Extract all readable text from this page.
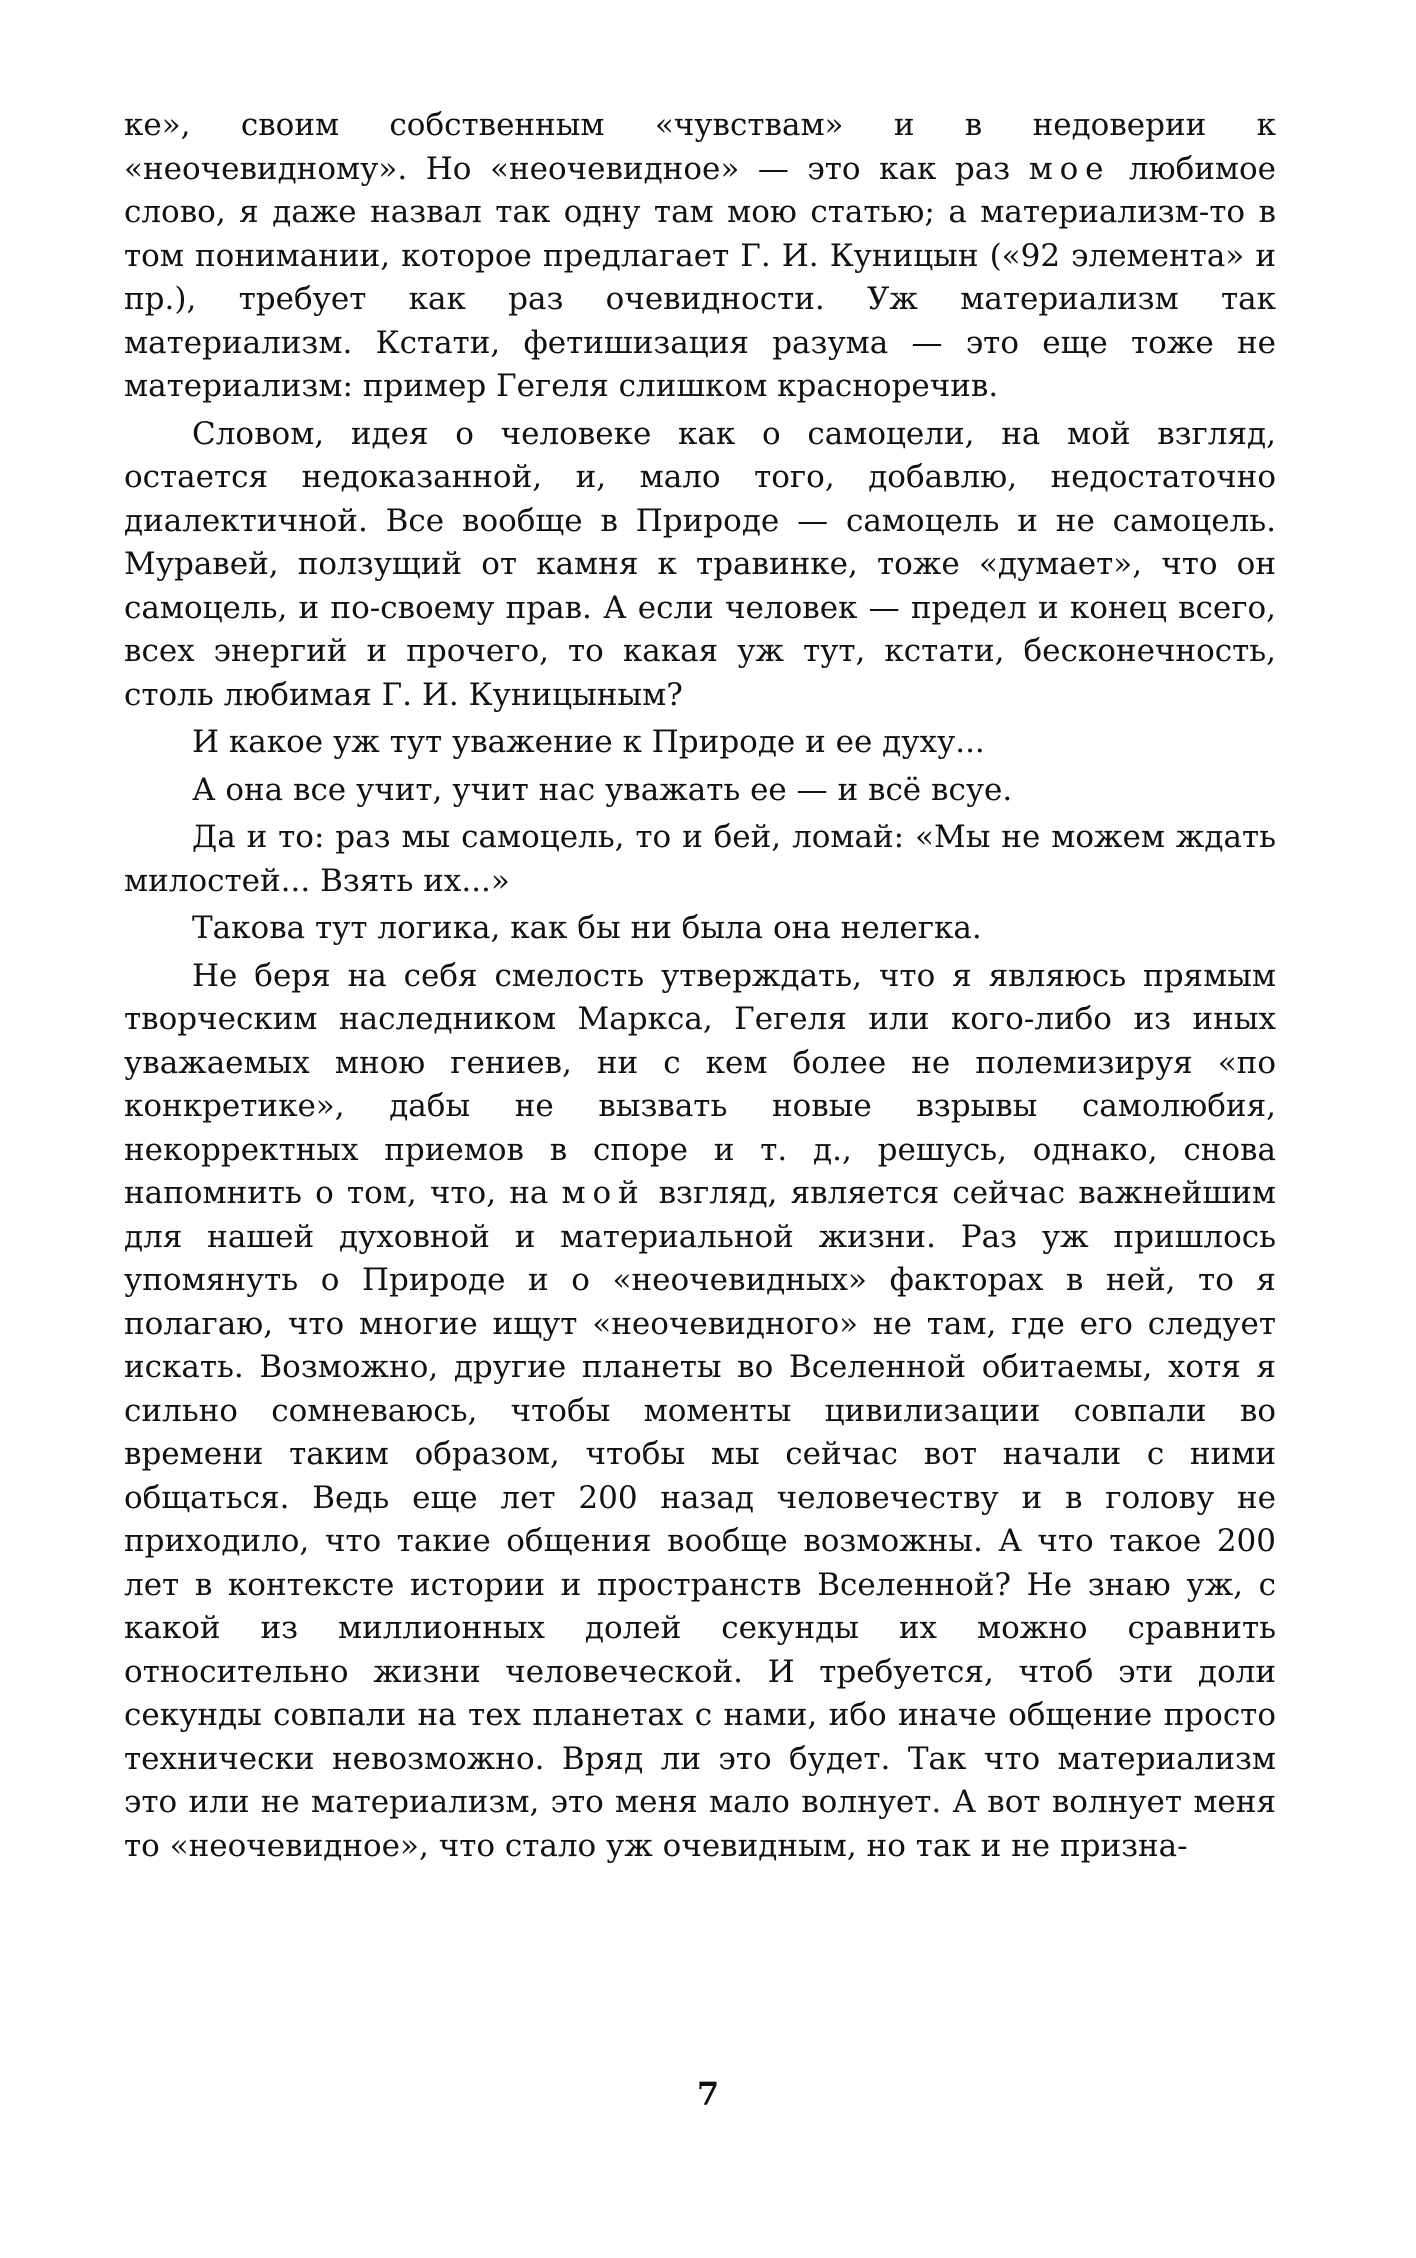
ке», своим собственным «чувствам» и в недоверии к «неочевидному». Но «неочевидное» — это как раз мое любимое слово, я даже назвал так одну там мою статью; а материализм-то в том понимании, которое предлагает Г. И. Куницын («92 элемента» и пр.), требует как раз очевидности. Уж материализм так материализм. Кстати, фетишизация разума — это еще тоже не материализм: пример Гегеля слишком красноречив.

Словом, идея о человеке как о самоцели, на мой взгляд, остается недоказанной, и, мало того, добавлю, недостаточно диалектичной. Все вообще в Природе — самоцель и не самоцель. Муравей, ползущий от камня к травинке, тоже «думает», что он самоцель, и по-своему прав. А если человек — предел и конец всего, всех энергий и прочего, то какая уж тут, кстати, бесконечность, столь любимая Г. И. Куницыным?

И какое уж тут уважение к Природе и ее духу...

А она все учит, учит нас уважать ее — и всё всуе.

Да и то: раз мы самоцель, то и бей, ломай: «Мы не можем ждать милостей... Взять их...»

Такова тут логика, как бы ни была она нелегка.

Не беря на себя смелость утверждать, что я являюсь прямым творческим наследником Маркса, Гегеля или кого-либо из иных уважаемых мною гениев, ни с кем более не полемизируя «по конкретике», дабы не вызвать новые взрывы самолюбия, некорректных приемов в споре и т. д., решусь, однако, снова напомнить о том, что, на мой взгляд, является сейчас важнейшим для нашей духовной и материальной жизни. Раз уж пришлось упомянуть о Природе и о «неочевидных» факторах в ней, то я полагаю, что многие ищут «неочевидного» не там, где его следует искать. Возможно, другие планеты во Вселенной обитаемы, хотя я сильно сомневаюсь, чтобы моменты цивилизации совпали во времени таким образом, чтобы мы сейчас вот начали с ними общаться. Ведь еще лет 200 назад человечеству и в голову не приходило, что такие общения вообще возможны. А что такое 200 лет в контексте истории и пространств Вселенной? Не знаю уж, с какой из миллионных долей секунды их можно сравнить относительно жизни человеческой. И требуется, чтоб эти доли секунды совпали на тех планетах с нами, ибо иначе общение просто технически невозможно. Вряд ли это будет. Так что материализм это или не материализм, это меня мало волнует. А вот волнует меня то «неочевидное», что стало уж очевидным, но так и не призна-

7
